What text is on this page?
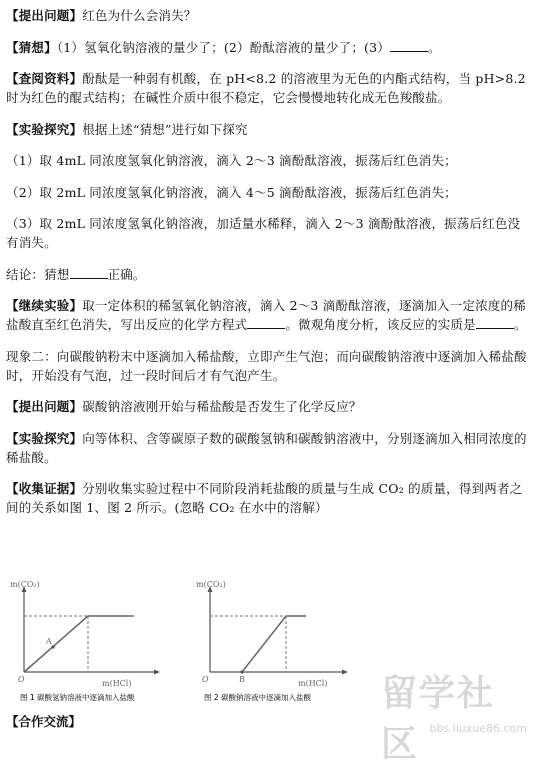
【提出问题】红色为什么会消失？

【猜想】（1）氢氧化钠溶液的量少了；(2）酚酞溶液的量少了；(3）	。

【查阅资料】酚酞是一种弱有机酸，在 pH<8.2 的溶液里为无色的内酯式结构，当 pH>8.2 时为红色的醌式结构；在碱性介质中很不稳定，它会慢慢地转化成无色羧酸盐。

【实验探究】根据上述“猜想”进行如下探究

（1）取 4mL 同浓度氢氧化钠溶液，滴入 2～3 滴酚酞溶液，振荡后红色消失；

（2）取 2mL 同浓度氢氧化钠溶液，滴入 4～5 滴酚酞溶液，振荡后红色消失；

（3）取 2mL 同浓度氢氧化钠溶液，加适量水稀释，滴入 2～3 滴酚酞溶液，振荡后红色没有消失。

结论：猜想	正确。

【继续实验】取一定体积的稀氢氧化钠溶液，滴入 2～3 滴酚酞溶液，逐滴加入一定浓度的稀盐酸直至红色消失，写出反应的化学方程式	。微观角度分析，该反应的实质是	。

现象二：向碳酸钠粉末中逐滴加入稀盐酸，立即产生气泡；而向碳酸钠溶液中逐滴加入稀盐酸时，开始没有气泡，过一段时间后才有气泡产生。

【提出问题】碳酸钠溶液刚开始与稀盐酸是否发生了化学反应？

【实验探究】向等体积、含等碳原子数的碳酸氢钠和碳酸钠溶液中，分别逐滴加入相同浓度的稀盐酸。

【收集证据】分别收集实验过程中不同阶段消耗盐酸的质量与生成 CO₂ 的质量，得到两者之间的关系如图 1、图 2 所示。(忽略 CO₂ 在水中的溶解）

A
O
m(CO₂)
m(HCl)
图 1 碳酸氢钠溶液中逐滴加入盐酸
B
O
m(CO₂)
m(HCl)
图 2 碳酸钠溶液中逐滴加入盐酸 留学社区 bbs.liuxue86.com
【合作交流】
